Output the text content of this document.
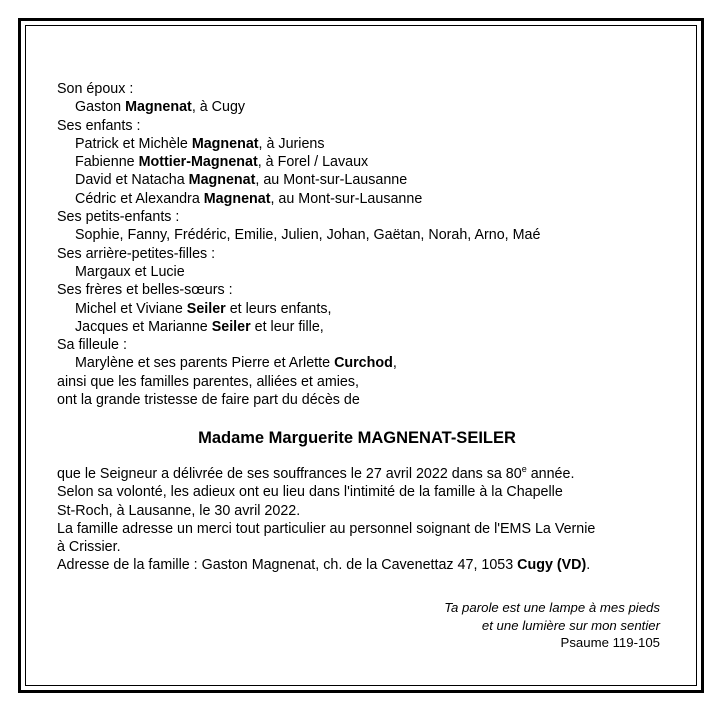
Son époux :
Gaston Magnenat, à Cugy
Ses enfants :
Patrick et Michèle Magnenat, à Juriens
Fabienne Mottier-Magnenat, à Forel / Lavaux
David et Natacha Magnenat, au Mont-sur-Lausanne
Cédric et Alexandra Magnenat, au Mont-sur-Lausanne
Ses petits-enfants :
Sophie, Fanny, Frédéric, Emilie, Julien, Johan, Gaëtan, Norah, Arno, Maé
Ses arrière-petites-filles :
Margaux et Lucie
Ses frères et belles-sœurs :
Michel et Viviane Seiler et leurs enfants,
Jacques et Marianne Seiler et leur fille,
Sa filleule :
Marylène et ses parents Pierre et Arlette Curchod,
ainsi que les familles parentes, alliées et amies,
ont la grande tristesse de faire part du décès de
Madame Marguerite MAGNENAT-SEILER
que le Seigneur a délivrée de ses souffrances le 27 avril 2022 dans sa 80e année.
Selon sa volonté, les adieux ont eu lieu dans l'intimité de la famille à la Chapelle
St-Roch, à Lausanne, le 30 avril 2022.
La famille adresse un merci tout particulier au personnel soignant de l'EMS La Vernie
à Crissier.
Adresse de la famille : Gaston Magnenat, ch. de la Cavenettaz 47, 1053 Cugy (VD).
Ta parole est une lampe à mes pieds
et une lumière sur mon sentier
Psaume 119-105
